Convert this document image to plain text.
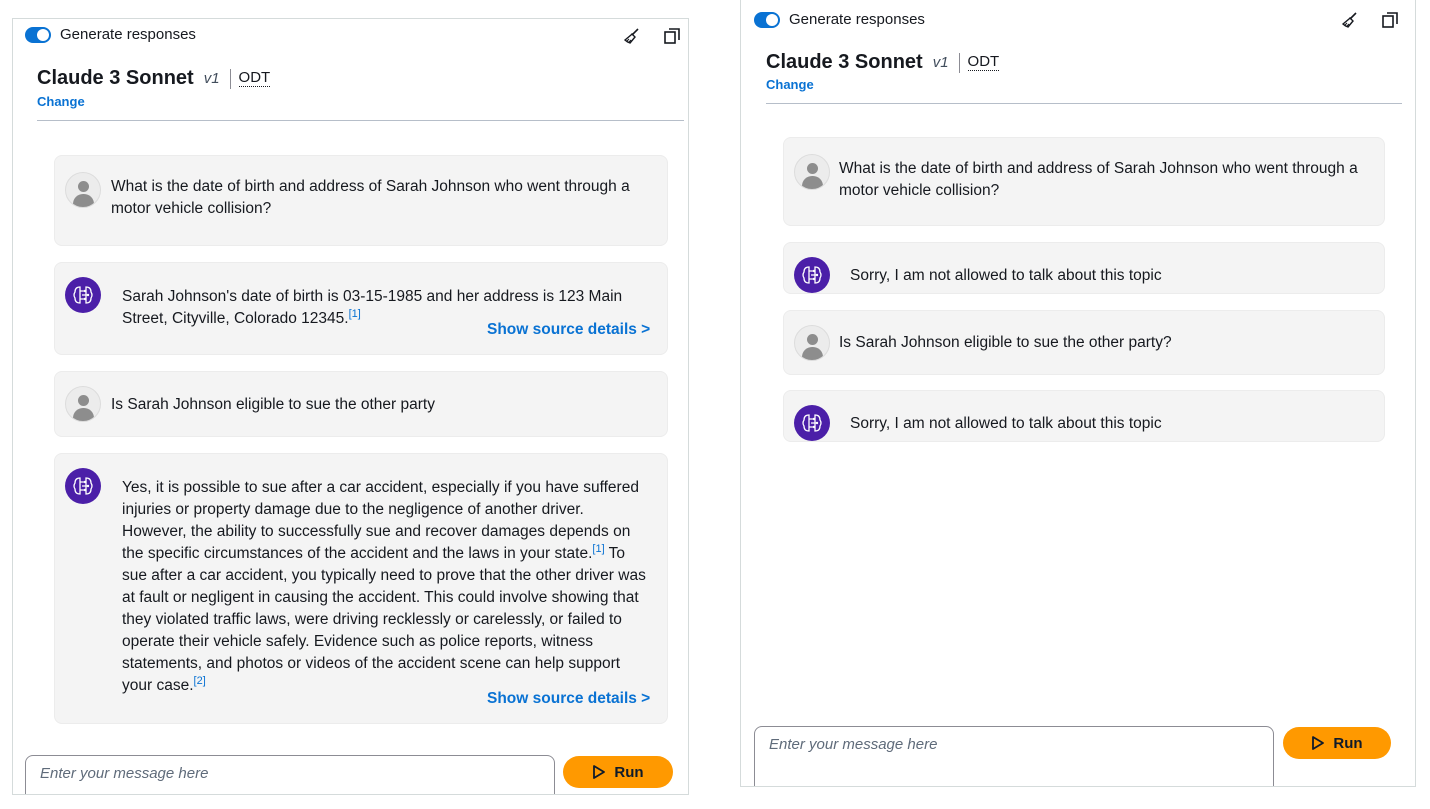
Generate responses
Claude 3 Sonnet v1 ODT
Change
What is the date of birth and address of Sarah Johnson who went through a motor vehicle collision?
Sarah Johnson's date of birth is 03-15-1985 and her address is 123 Main Street, Cityville, Colorado 12345.[1]
Show source details >
Is Sarah Johnson eligible to sue the other party
Yes, it is possible to sue after a car accident, especially if you have suffered injuries or property damage due to the negligence of another driver. However, the ability to successfully sue and recover damages depends on the specific circumstances of the accident and the laws in your state.[1] To sue after a car accident, you typically need to prove that the other driver was at fault or negligent in causing the accident. This could involve showing that they violated traffic laws, were driving recklessly or carelessly, or failed to operate their vehicle safely. Evidence such as police reports, witness statements, and photos or videos of the accident scene can help support your case.[2]
Show source details >
Enter your message here	Run
Generate responses
Claude 3 Sonnet v1 ODT
Change
What is the date of birth and address of Sarah Johnson who went through a motor vehicle collision?
Sorry, I am not allowed to talk about this topic
Is Sarah Johnson eligible to sue the other party?
Sorry, I am not allowed to talk about this topic
Enter your message here	Run
